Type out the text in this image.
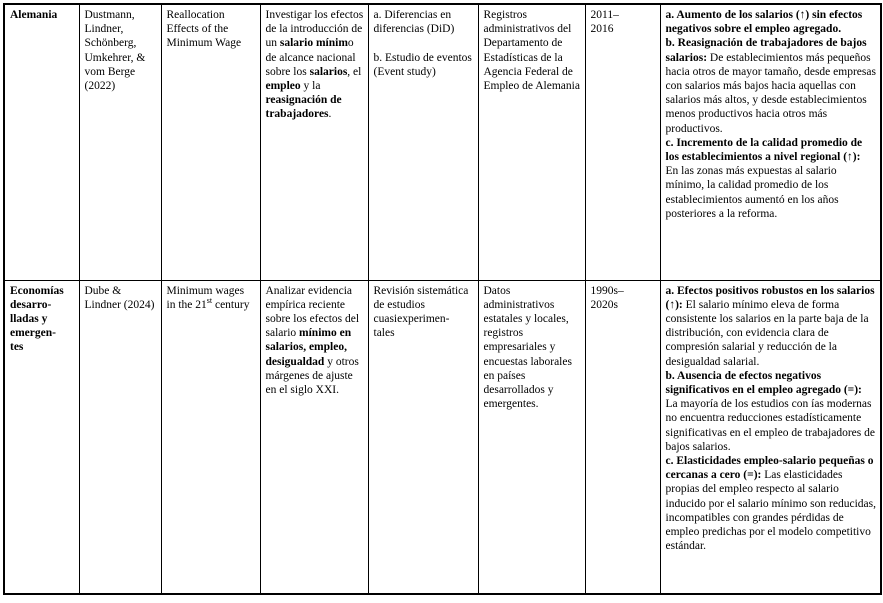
Alemania	Dustmann, Lindner, Schönberg, Umkehrer, & vom Berge (2022)	Reallocation Effects of the Minimum Wage	Investigar los efectos de la introducción de un salario mínimo de alcance nacional sobre los salarios, el empleo y la reasignación de trabajadores.	a. Diferencias en diferencias (DiD)

b. Estudio de eventos (Event study)	Registros administrativos del Departamento de Estadísticas de la Agencia Federal de Empleo de Alemania	2011–
2016	a. Aumento de los salarios (↑) sin efectos negativos sobre el empleo agregado.
b. Reasignación de trabajadores de bajos salarios: De establecimientos más pequeños hacia otros de mayor tamaño, desde empresas con salarios más bajos hacia aquellas con salarios más altos, y desde establecimientos menos productivos hacia otros más productivos.
c. Incremento de la calidad promedio de los establecimientos a nivel regional (↑): En las zonas más expuestas al salario mínimo, la calidad promedio de los establecimientos aumentó en los años posteriores a la reforma.
Economías
desarro-
lladas y
emergen-
tes	Dube & Lindner (2024)	Minimum wages in the 21st century	Analizar evidencia empírica reciente sobre los efectos del salario mínimo en salarios, empleo, desigualdad y otros márgenes de ajuste en el siglo XXI.	Revisión sistemática de estudios cuasiexperimen-
tales	Datos administrativos estatales y locales, registros empresariales y encuestas laborales en países desarrollados y emergentes.	1990s–
2020s	a. Efectos positivos robustos en los salarios (↑): El salario mínimo eleva de forma consistente los salarios en la parte baja de la distribución, con evidencia clara de compresión salarial y reducción de la desigualdad salarial.
b. Ausencia de efectos negativos significativos en el empleo agregado (=): La mayoría de los estudios con ías modernas no encuentra reducciones estadísticamente significativas en el empleo de trabajadores de bajos salarios.
c. Elasticidades empleo-salario pequeñas o cercanas a cero (=): Las elasticidades propias del empleo respecto al salario inducido por el salario mínimo son reducidas, incompatibles con grandes pérdidas de empleo predichas por el modelo competitivo estándar.
